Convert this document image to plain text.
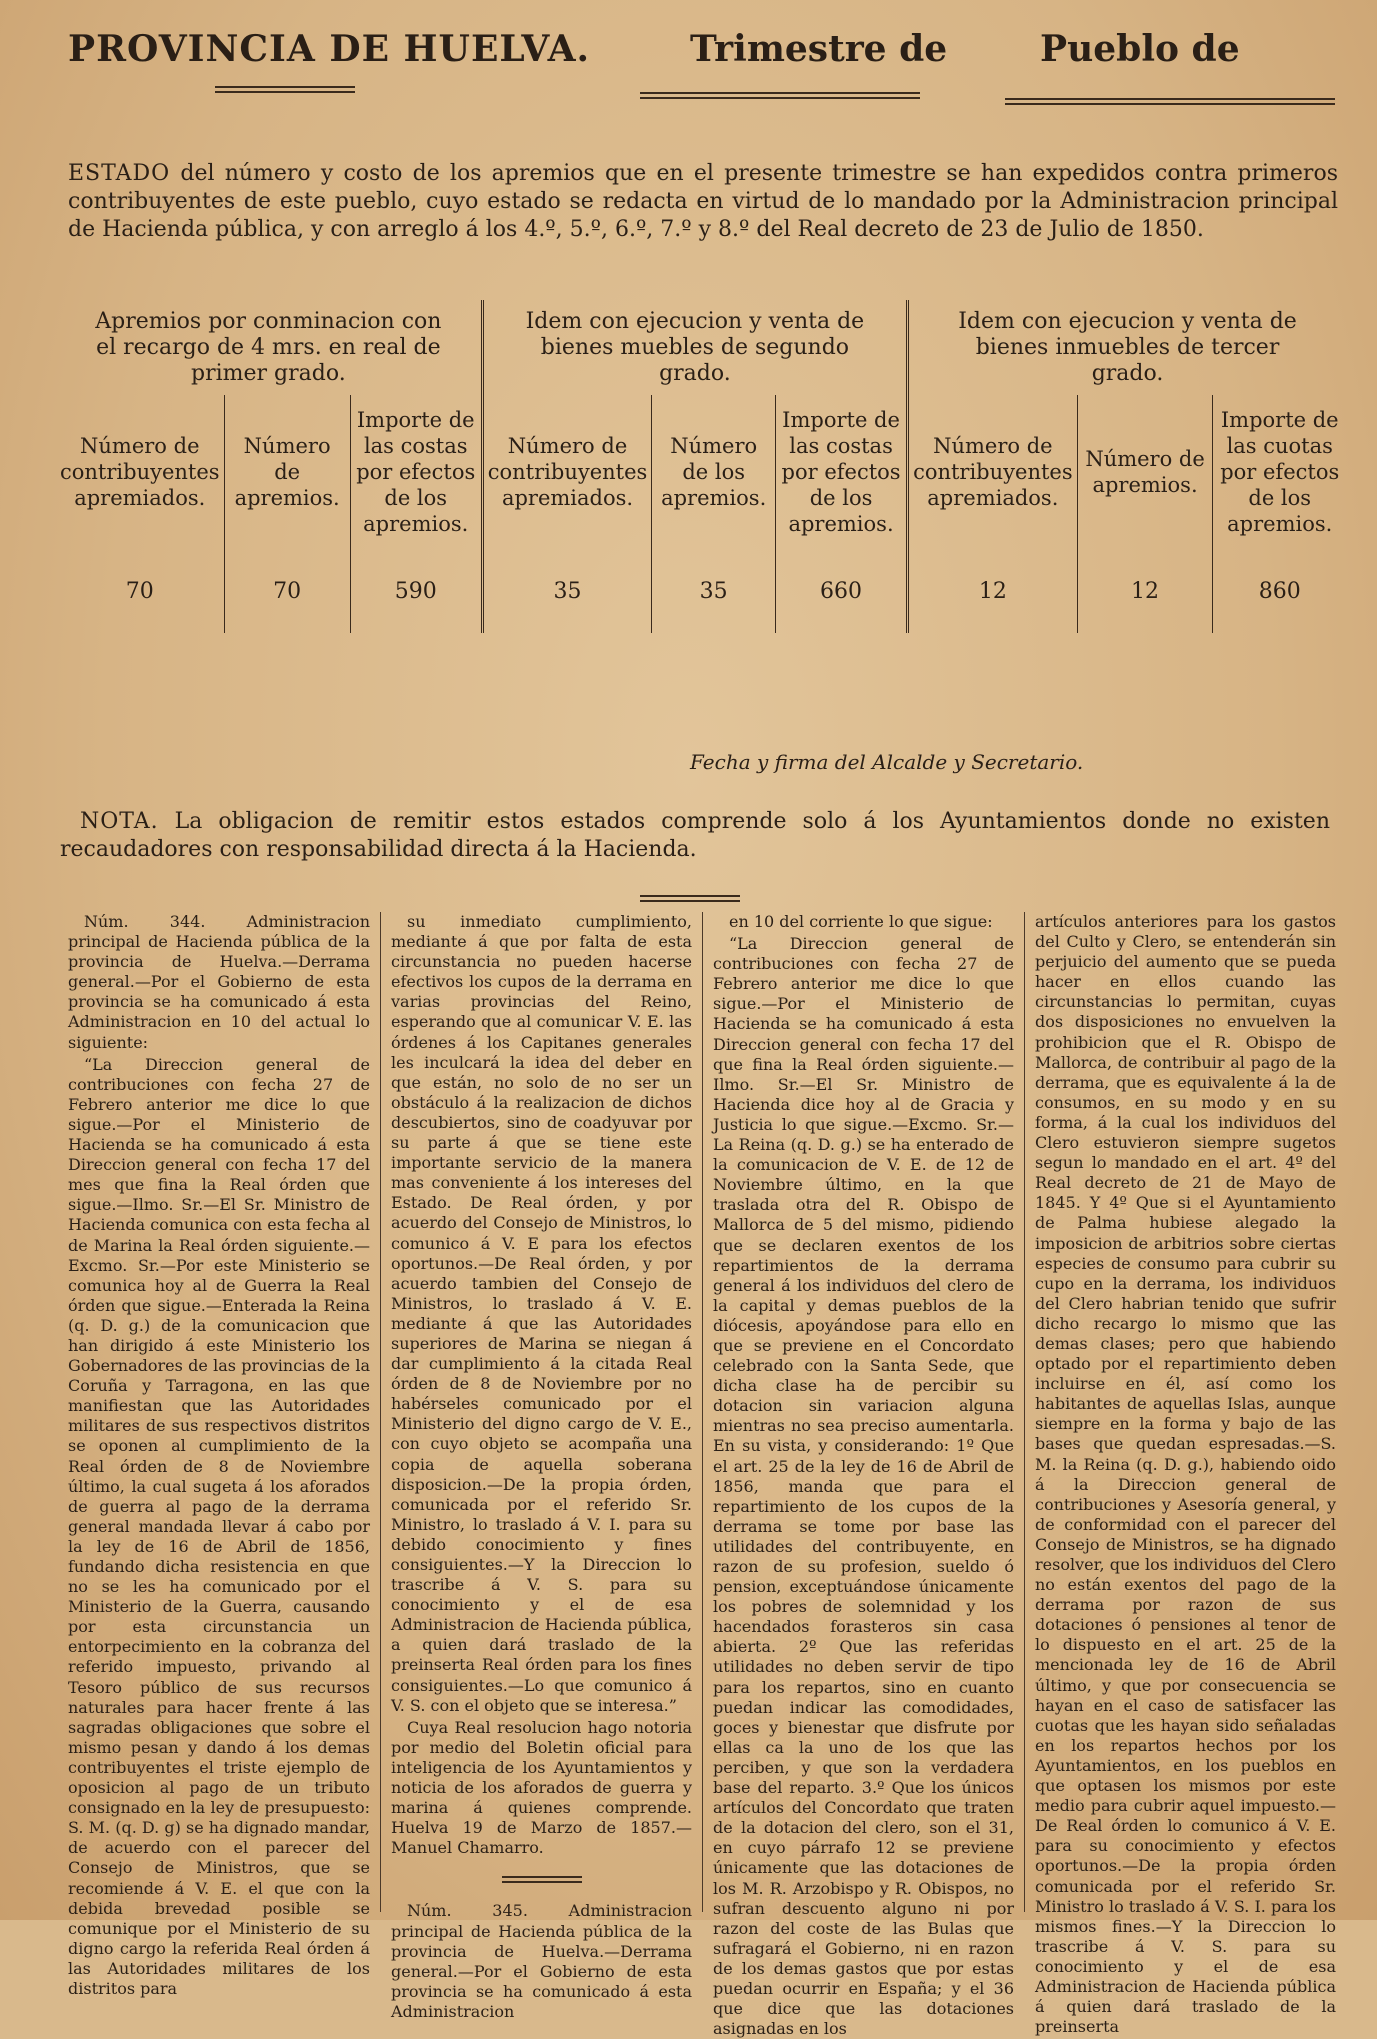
PROVINCIA DE HUELVA.	Trimestre de	Pueblo de
ESTADO del número y costo de los apremios que en el presente trimestre se han expedidos contra primeros contribuyentes de este pueblo, cuyo estado se redacta en virtud de lo mandado por la Administracion principal de Hacienda pública, y con arreglo á los 4.º, 5.º, 6.º, 7.º y 8.º del Real decreto de 23 de Julio de 1850.
Apremios por conminacion con el recargo de 4 mrs. en real de primer grado.			Idem con ejecucion y venta de bienes muebles de segundo grado.			Idem con ejecucion y venta de bienes inmuebles de tercer grado.		
Número de contribuyentes apremiados.	Número de apremios.	Importe de las costas por efectos de los apremios.	Número de contribuyentes apremiados.	Número de los apremios.	Importe de las costas por efectos de los apremios.	Número de contribuyentes apremiados.	Número de apremios.	Importe de las cuotas por efectos de los apremios.
70	70	590	35	35	660	12	12	860
Fecha y firma del Alcalde y Secretario.
NOTA. La obligacion de remitir estos estados comprende solo á los Ayuntamientos donde no existen recaudadores con responsabilidad directa á la Hacienda.

Núm. 344. Administracion principal de Hacienda pública de la provincia de Huelva.—Derrama general.—Por el Gobierno de esta provincia se ha comunicado á esta Administracion en 10 del actual lo siguiente:

“La Direccion general de contribuciones con fecha 27 de Febrero anterior me dice lo que sigue.—Por el Ministerio de Hacienda se ha comunicado á esta Direccion general con fecha 17 del mes que fina la Real órden que sigue.—Ilmo. Sr.—El Sr. Ministro de Hacienda comunica con esta fecha al de Marina la Real órden siguiente.—Excmo. Sr.—Por este Ministerio se comunica hoy al de Guerra la Real órden que sigue.—Enterada la Reina (q. D. g.) de la comunicacion que han dirigido á este Ministerio los Gobernadores de las provincias de la Coruña y Tarragona, en las que manifiestan que las Autoridades militares de sus respectivos distritos se oponen al cumplimiento de la Real órden de 8 de Noviembre último, la cual sugeta á los aforados de guerra al pago de la derrama general mandada llevar á cabo por la ley de 16 de Abril de 1856, fundando dicha resistencia en que no se les ha comunicado por el Ministerio de la Guerra, causando por esta circunstancia un entorpecimiento en la cobranza del referido impuesto, privando al Tesoro público de sus recursos naturales para hacer frente á las sagradas obligaciones que sobre el mismo pesan y dando á los demas contribuyentes el triste ejemplo de oposicion al pago de un tributo consignado en la ley de presupuesto: S. M. (q. D. g) se ha dignado mandar, de acuerdo con el parecer del Consejo de Ministros, que se recomiende á V. E. el que con la debida brevedad posible se comunique por el Ministerio de su digno cargo la referida Real órden á las Autoridades militares de los distritos para

su inmediato cumplimiento, mediante á que por falta de esta circunstancia no pueden hacerse efectivos los cupos de la derrama en varias provincias del Reino, esperando que al comunicar V. E. las órdenes á los Capitanes generales les inculcará la idea del deber en que están, no solo de no ser un obstáculo á la realizacion de dichos descubiertos, sino de coadyuvar por su parte á que se tiene este importante servicio de la manera mas conveniente á los intereses del Estado. De Real órden, y por acuerdo del Consejo de Ministros, lo comunico á V. E para los efectos oportunos.—De Real órden, y por acuerdo tambien del Consejo de Ministros, lo traslado á V. E. mediante á que las Autoridades superiores de Marina se niegan á dar cumplimiento á la citada Real órden de 8 de Noviembre por no habérseles comunicado por el Ministerio del digno cargo de V. E., con cuyo objeto se acompaña una copia de aquella soberana disposicion.—De la propia órden, comunicada por el referido Sr. Ministro, lo traslado á V. I. para su debido conocimiento y fines consiguientes.—Y la Direccion lo trascribe á V. S. para su conocimiento y el de esa Administracion de Hacienda pública, a quien dará traslado de la preinserta Real órden para los fines consiguientes.—Lo que comunico á V. S. con el objeto que se interesa.”

Cuya Real resolucion hago notoria por medio del Boletin oficial para inteligencia de los Ayuntamientos y noticia de los aforados de guerra y marina á quienes comprende. Huelva 19 de Marzo de 1857.—Manuel Chamarro.

Núm. 345. Administracion principal de Hacienda pública de la provincia de Huelva.—Derrama general.—Por el Gobierno de esta provincia se ha comunicado á esta Administracion

en 10 del corriente lo que sigue:

“La Direccion general de contribuciones con fecha 27 de Febrero anterior me dice lo que sigue.—Por el Ministerio de Hacienda se ha comunicado á esta Direccion general con fecha 17 del que fina la Real órden siguiente.—Ilmo. Sr.—El Sr. Ministro de Hacienda dice hoy al de Gracia y Justicia lo que sigue.—Excmo. Sr.—La Reina (q. D. g.) se ha enterado de la comunicacion de V. E. de 12 de Noviembre último, en la que traslada otra del R. Obispo de Mallorca de 5 del mismo, pidiendo que se declaren exentos de los repartimientos de la derrama general á los individuos del clero de la capital y demas pueblos de la diócesis, apoyándose para ello en que se previene en el Concordato celebrado con la Santa Sede, que dicha clase ha de percibir su dotacion sin variacion alguna mientras no sea preciso aumentarla. En su vista, y considerando: 1º Que el art. 25 de la ley de 16 de Abril de 1856, manda que para el repartimiento de los cupos de la derrama se tome por base las utilidades del contribuyente, en razon de su profesion, sueldo ó pension, exceptuándose únicamente los pobres de solemnidad y los hacendados forasteros sin casa abierta. 2º Que las referidas utilidades no deben servir de tipo para los repartos, sino en cuanto puedan indicar las comodidades, goces y bienestar que disfrute por ellas ca la uno de los que las perciben, y que son la verdadera base del reparto. 3.º Que los únicos artículos del Concordato que traten de la dotacion del clero, son el 31, en cuyo párrafo 12 se previene únicamente que las dotaciones de los M. R. Arzobispo y R. Obispos, no sufran descuento alguno ni por razon del coste de las Bulas que sufragará el Gobierno, ni en razon de los demas gastos que por estas puedan ocurrir en España; y el 36 que dice que las dotaciones asignadas en los

artículos anteriores para los gastos del Culto y Clero, se entenderán sin perjuicio del aumento que se pueda hacer en ellos cuando las circunstancias lo permitan, cuyas dos disposiciones no envuelven la prohibicion que el R. Obispo de Mallorca, de contribuir al pago de la derrama, que es equivalente á la de consumos, en su modo y en su forma, á la cual los individuos del Clero estuvieron siempre sugetos segun lo mandado en el art. 4º del Real decreto de 21 de Mayo de 1845. Y 4º Que si el Ayuntamiento de Palma hubiese alegado la imposicion de arbitrios sobre ciertas especies de consumo para cubrir su cupo en la derrama, los individuos del Clero habrian tenido que sufrir dicho recargo lo mismo que las demas clases; pero que habiendo optado por el repartimiento deben incluirse en él, así como los habitantes de aquellas Islas, aunque siempre en la forma y bajo de las bases que quedan espresadas.—S. M. la Reina (q. D. g.), habiendo oido á la Direccion general de contribuciones y Asesoría general, y de conformidad con el parecer del Consejo de Ministros, se ha dignado resolver, que los individuos del Clero no están exentos del pago de la derrama por razon de sus dotaciones ó pensiones al tenor de lo dispuesto en el art. 25 de la mencionada ley de 16 de Abril último, y que por consecuencia se hayan en el caso de satisfacer las cuotas que les hayan sido señaladas en los repartos hechos por los Ayuntamientos, en los pueblos en que optasen los mismos por este medio para cubrir aquel impuesto.—De Real órden lo comunico á V. E. para su conocimiento y efectos oportunos.—De la propia órden comunicada por el referido Sr. Ministro lo traslado á V. S. I. para los mismos fines.—Y la Direccion lo trascribe á V. S. para su conocimiento y el de esa Administracion de Hacienda pública á quien dará traslado de la preinserta
